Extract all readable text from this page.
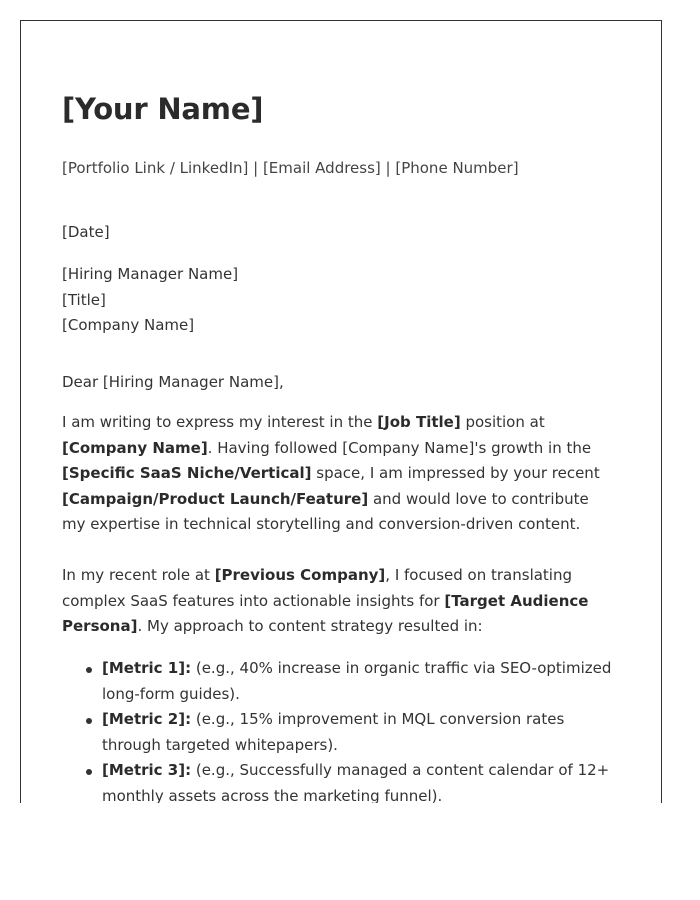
[Your Name]

[Portfolio Link / LinkedIn] | [Email Address] | [Phone Number]

[Date]

[Hiring Manager Name]
[Title]
[Company Name]

Dear [Hiring Manager Name],

I am writing to express my interest in the [Job Title] position at [Company Name]. Having followed [Company Name]'s growth in the [Specific SaaS Niche/Vertical] space, I am impressed by your recent [Campaign/Product Launch/Feature] and would love to contribute my expertise in technical storytelling and conversion-driven content.

In my recent role at [Previous Company], I focused on translating complex SaaS features into actionable insights for [Target Audience Persona]. My approach to content strategy resulted in:

[Metric 1]: (e.g., 40% increase in organic traffic via SEO-optimized long-form guides).
[Metric 2]: (e.g., 15% improvement in MQL conversion rates through targeted whitepapers).
[Metric 3]: (e.g., Successfully managed a content calendar of 12+ monthly assets across the marketing funnel).
